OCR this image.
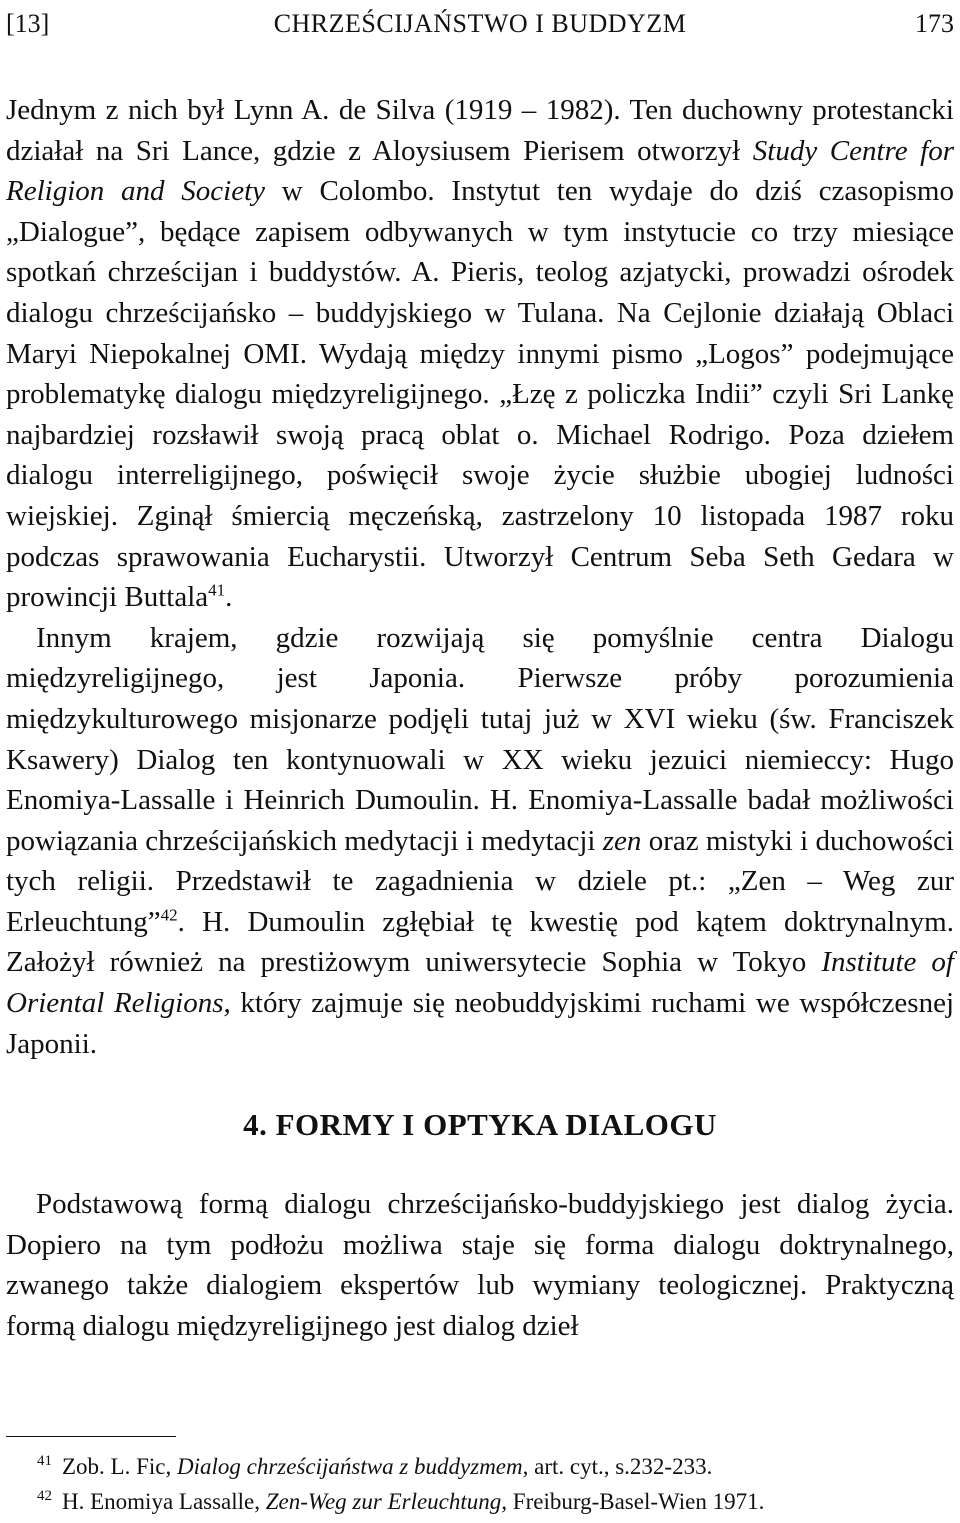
[13]	CHRZEŚCIJAŃSTWO I BUDDYZM	173

Jednym z nich był Lynn A. de Silva (1919 – 1982). Ten duchowny protestancki działał na Sri Lance, gdzie z Aloysiusem Pierisem otworzył Study Centre for Religion and Society w Colombo. Instytut ten wydaje do dziś czasopismo „Dialogue”, będące zapisem odbywanych w tym instytucie co trzy miesiące spotkań chrześcijan i buddystów. A. Pieris, teolog azjatycki, prowadzi ośrodek dialogu chrześcijańsko – buddyjskiego w Tulana. Na Cejlonie działają Oblaci Maryi Niepokalnej OMI. Wydają między innymi pismo „Logos” podejmujące problematykę dialogu międzyreligijnego. „Łzę z policzka Indii” czyli Sri Lankę najbardziej rozsławił swoją pracą oblat o. Michael Rodrigo. Poza dziełem dialogu interreligijnego, poświęcił swoje życie służbie ubogiej ludności wiejskiej. Zginął śmiercią męczeńską, zastrzelony 10 listopada 1987 roku podczas sprawowania Eucharystii. Utworzył Centrum Seba Seth Gedara w prowincji Buttala$^{41}$.

Innym krajem, gdzie rozwijają się pomyślnie centra Dialogu międzyreligijnego, jest Japonia. Pierwsze próby porozumienia międzykulturowego misjonarze podjęli tutaj już w XVI wieku (św. Franciszek Ksawery) Dialog ten kontynuowali w XX wieku jezuici niemieccy: Hugo Enomiya-Lassalle i Heinrich Dumoulin. H. Enomiya-Lassalle badał możliwości powiązania chrześcijańskich medytacji i medytacji zen oraz mistyki i duchowości tych religii. Przedstawił te zagadnienia w dziele pt.: „Zen – Weg zur Erleuchtung”$^{42}$. H. Dumoulin zgłębiał tę kwestię pod kątem doktrynalnym. Założył również na prestiżowym uniwersytecie Sophia w Tokyo Institute of Oriental Religions, który zajmuje się neobuddyjskimi ruchami we współczesnej Japonii.

4. FORMY I OPTYKA DIALOGU

Podstawową formą dialogu chrześcijańsko-buddyjskiego jest dialog życia. Dopiero na tym podłożu możliwa staje się forma dialogu doktrynalnego, zwanego także dialogiem ekspertów lub wymiany teologicznej. Praktyczną formą dialogu międzyreligijnego jest dialog dzieł

$^{41}$ Zob. L. Fic, Dialog chrześcijaństwa z buddyzmem, art. cyt., s.232-233.
$^{42}$ H. Enomiya Lassalle, Zen-Weg zur Erleuchtung, Freiburg-Basel-Wien 1971.
